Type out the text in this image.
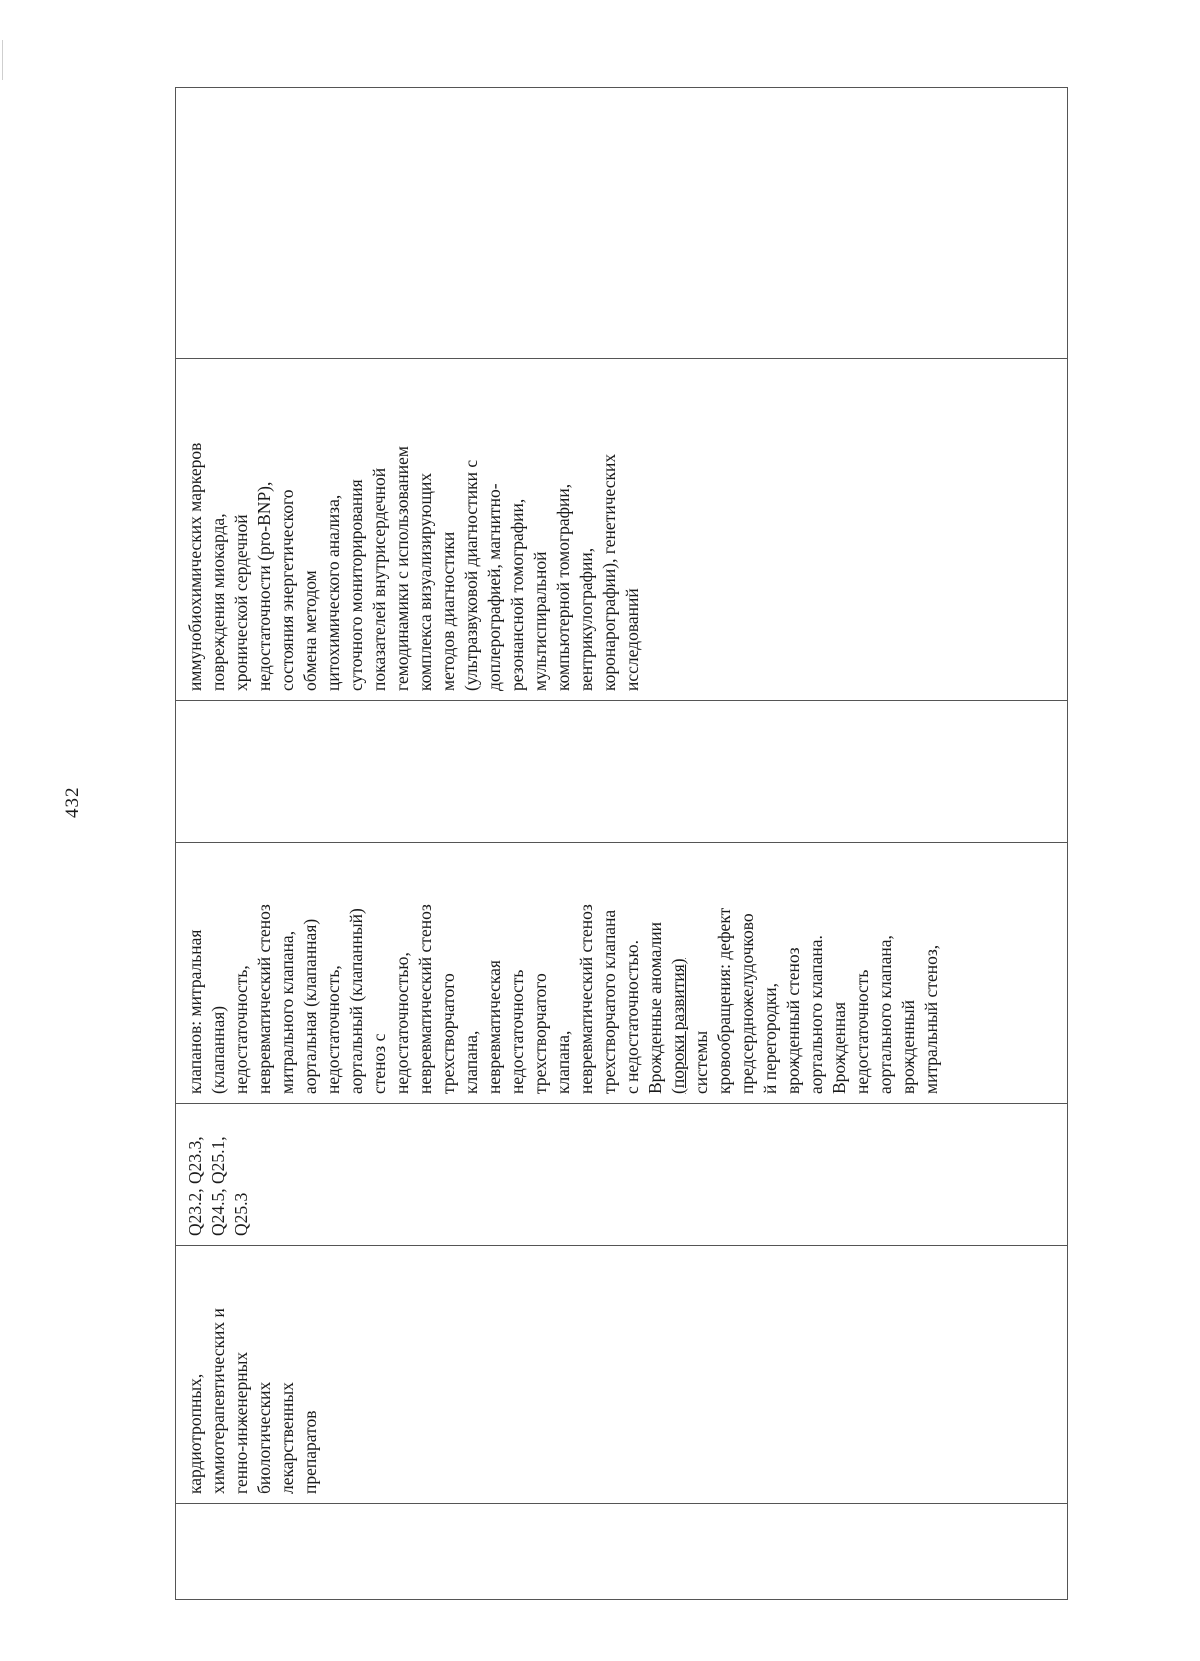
432

кардиотропных,
химиотерапевтических и
генно-инженерных
биологических
лекарственных
препаратов

Q23.2, Q23.3,
Q24.5, Q25.1,
Q25.3

клапанов: митральная
(клапанная)
недостаточность,
невревматический стеноз
митрального клапана,
аортальная (клапанная)
недостаточность,
аортальный (клапанный)
стеноз с
недостаточностью,
невревматический стеноз
трехстворчатого
клапана,
невревматическая
недостаточность
трехстворчатого
клапана,
невревматический стеноз
трехстворчатого клапана
с недостаточностью.
Врожденные аномалии
(пороки развития)
системы
кровообращения: дефект
предсердножелудочково
й перегородки,
врожденный стеноз
аортального клапана.
Врожденная
недостаточность
аортального клапана,
врожденный
митральный стеноз,

иммунобиохимических маркеров
повреждения миокарда,
хронической сердечной
недостаточности (pro-BNP),
состояния энергетического
обмена методом
цитохимического анализа,
суточного мониторирования
показателей внутрисердечной
гемодинамики с использованием
комплекса визуализирующих
методов диагностики
(ультразвуковой диагностики с
доплерографией, магнитно-
резонансной томографии,
мультиспиральной
компьютерной томографии,
вентрикулографии,
коронарографии), генетических
исследований
